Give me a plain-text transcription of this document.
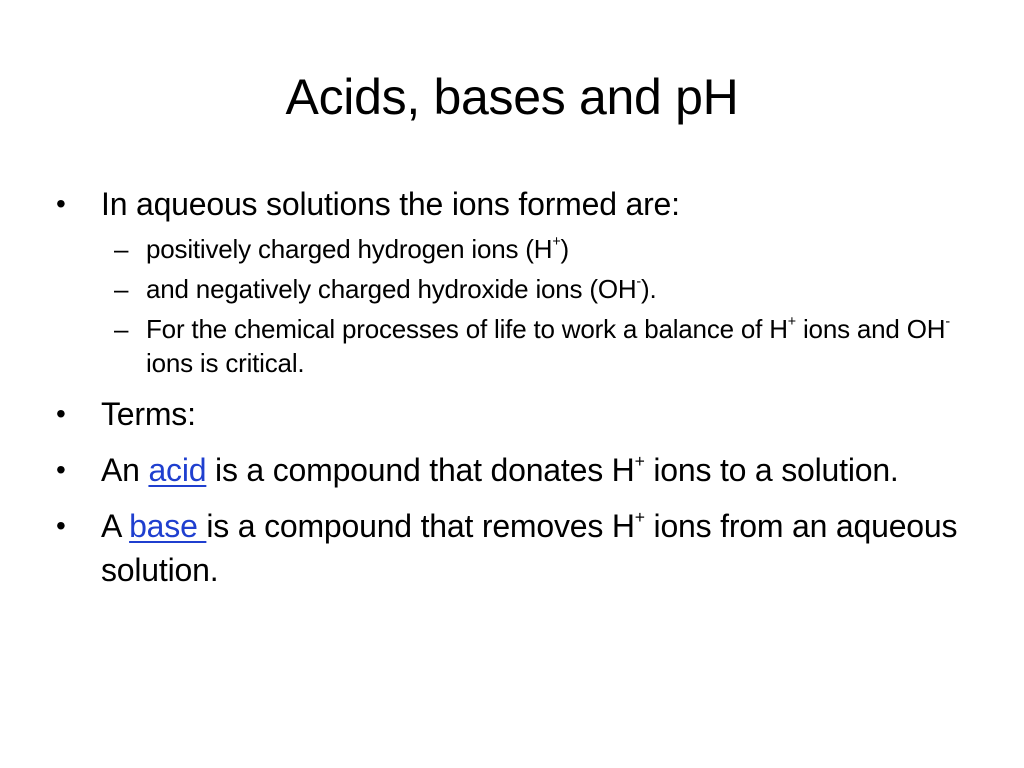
Acids, bases and pH
•	In aqueous solutions the ions formed are:
– positively charged hydrogen ions (H+)
– and negatively charged hydroxide ions (OH-).
– For the chemical processes of life to work a balance of H+ ions and OH- ions is critical.
•	Terms:
•	An acid is a compound that donates H+ ions to a solution.
•	A base is a compound that removes H+ ions from an aqueous solution.
